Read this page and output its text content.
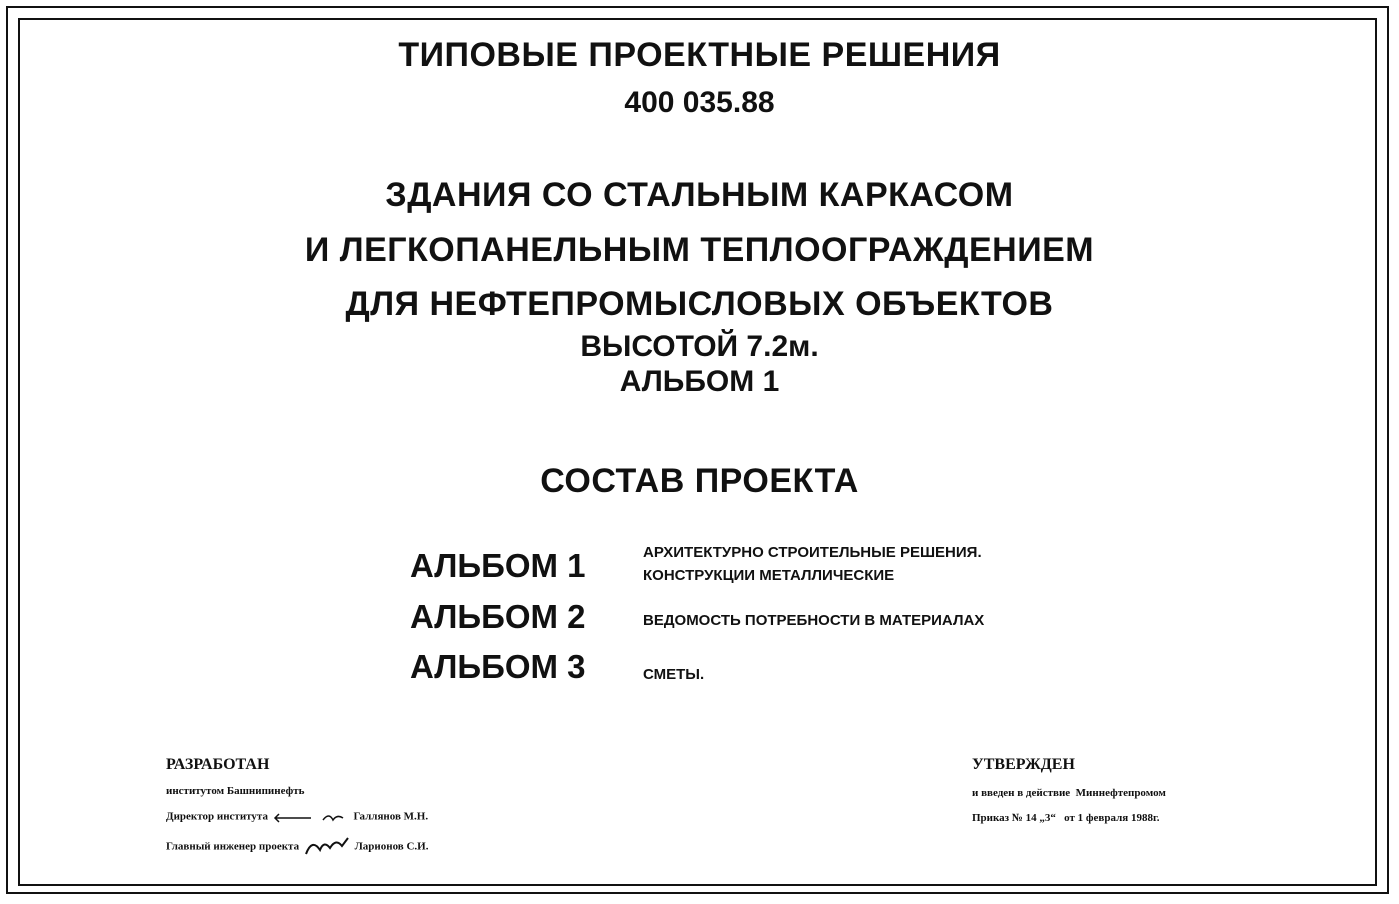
ТИПОВЫЕ ПРОЕКТНЫЕ РЕШЕНИЯ
400 035.88
ЗДАНИЯ СО СТАЛЬНЫМ КАРКАСОМ
И ЛЕГКОПАНЕЛЬНЫМ ТЕПЛООГРАЖДЕНИЕМ
ДЛЯ НЕФТЕПРОМЫСЛОВЫХ ОБЪЕКТОВ
ВЫСОТОЙ 7.2м.
АЛЬБОМ 1
СОСТАВ ПРОЕКТА
АЛЬБОМ 1	АРХИТЕКТУРНО СТРОИТЕЛЬНЫЕ РЕШЕНИЯ.
КОНСТРУКЦИИ МЕТАЛЛИЧЕСКИЕ
АЛЬБОМ 2	ВЕДОМОСТЬ ПОТРЕБНОСТИ В МАТЕРИАЛАХ
АЛЬБОМ 3	СМЕТЫ.
РАЗРАБОТАН
институтом Башнипинефть
Директор института	Галлянов М.Н.
Главный инженер проекта	Ларионов С.И.
УТВЕРЖДЕН
и введен в действие Миннефтепромом
Приказ № 14 „3“ от 1 февраля 1988г.
